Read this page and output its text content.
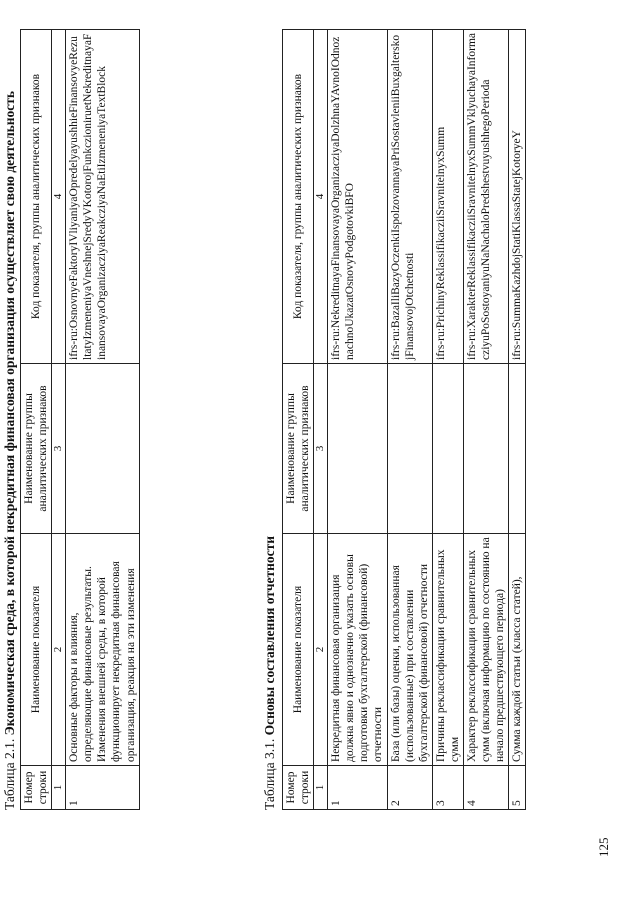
Таблица 2.1. Экономическая среда, в которой некредитная финансовая организация осуществляет свою деятельность
Номер строки	Наименование показателя	Наименование группы аналитических признаков	Код показателя, группы аналитических признаков
1	2	3	4
1	Основные факторы и влияния, определяющие финансовые результаты. Изменения внешней среды, в которой функционирует некредитная финансовая организация, реакция на эти изменения		ifrs-ru:OsnovnyeFaktoryIVliyaniyaOpredelyayushhieFinansovyeRezultatyIzmeneniyaVneshnejSredyVKotorojFunkczioniruetNekreditnayaFinansovayaOrganizacziyaReakcziyaNaEtiIzmeneniyaTextBlock
Таблица 3.1. Основы составления отчетности
Номер строки	Наименование показателя	Наименование группы аналитических признаков	Код показателя, группы аналитических признаков
1	2	3	4
1	Некредитная финансовая организация должна явно и однозначно указать основы подготовки бухгалтерской (финансовой) отчетности		ifrs-ru:NekreditnayaFinansovayaOrganizacziyaDolzhnaYAvnoIOdnoznachnoUkazatOsnovyPodgotovkiBFO
2	База (или базы) оценки, использованная (использованные) при составлении бухгалтерской (финансовой) отчетности		ifrs-ru:BazaIliBazyOczenkiIspolzovannayaPriSostavleniiBuxgalterskojFinansovojOtchetnosti
3	Причины реклассификации сравнительных сумм		ifrs-ru:PrichinyReklassifikacziiSravnitelnyxSumm
4	Характер реклассификации сравнительных сумм (включая информацию по состоянию на начало предшествующего периода)		ifrs-ru:XarakterReklassifikacziiSravnitelnyxSummVklyuchayaInformacziyuPoSostoyaniyuNaNachaloPredshestvuyushhegoPerioda
5	Сумма каждой статьи (класса статей),		ifrs-ru:SummaKazhdojStatiKlassaStatejKotoryeY
125
